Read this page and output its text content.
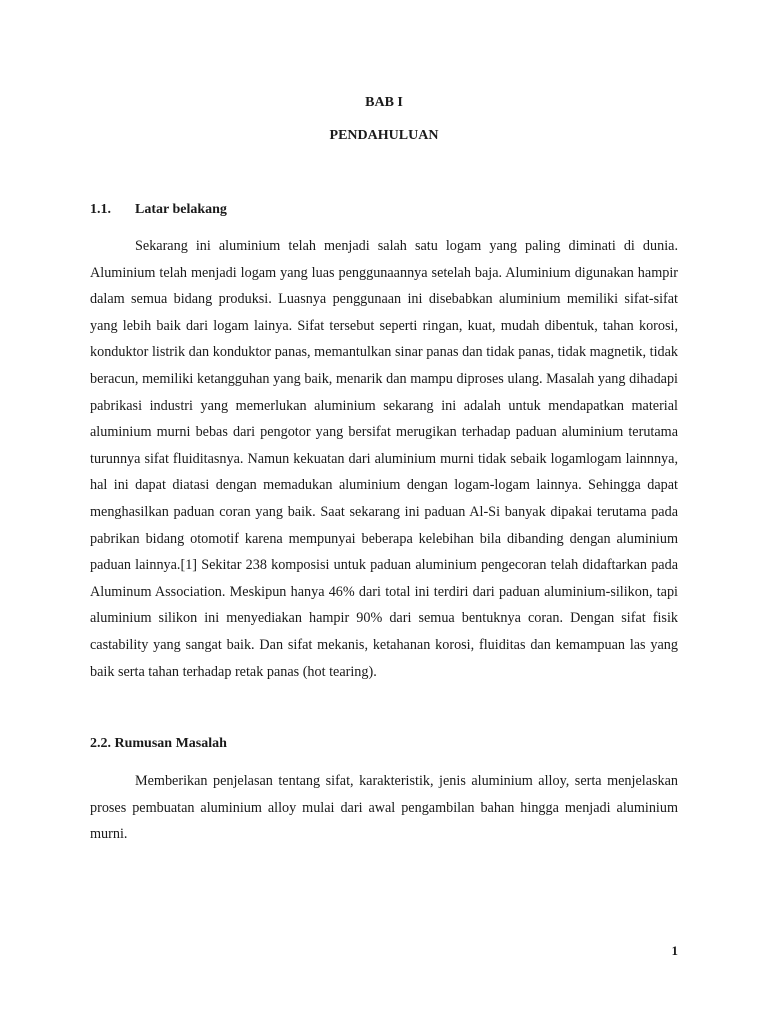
BAB I
PENDAHULUAN
1.1. Latar belakang

Sekarang ini aluminium telah menjadi salah satu logam yang paling diminati di dunia. Aluminium telah menjadi logam yang luas penggunaannya setelah baja. Aluminium digunakan hampir dalam semua bidang produksi. Luasnya penggunaan ini disebabkan aluminium memiliki sifat-sifat yang lebih baik dari logam lainya. Sifat tersebut seperti ringan, kuat, mudah dibentuk, tahan korosi, konduktor listrik dan konduktor panas, memantulkan sinar panas dan tidak panas, tidak magnetik, tidak beracun, memiliki ketangguhan yang baik, menarik dan mampu diproses ulang. Masalah yang dihadapi pabrikasi industri yang memerlukan aluminium sekarang ini adalah untuk mendapatkan material aluminium murni bebas dari pengotor yang bersifat merugikan terhadap paduan aluminium terutama turunnya sifat fluiditasnya. Namun kekuatan dari aluminium murni tidak sebaik logamlogam lainnnya, hal ini dapat diatasi dengan memadukan aluminium dengan logam-logam lainnya. Sehingga dapat menghasilkan paduan coran yang baik. Saat sekarang ini paduan Al-Si banyak dipakai terutama pada pabrikan bidang otomotif karena mempunyai beberapa kelebihan bila dibanding dengan aluminium paduan lainnya.[1] Sekitar 238 komposisi untuk paduan aluminium pengecoran telah didaftarkan pada Aluminum Association. Meskipun hanya 46% dari total ini terdiri dari paduan aluminium-silikon, tapi aluminium silikon ini menyediakan hampir 90% dari semua bentuknya coran. Dengan sifat fisik castability yang sangat baik. Dan sifat mekanis, ketahanan korosi, fluiditas dan kemampuan las yang baik serta tahan terhadap retak panas (hot tearing).

2.2. Rumusan Masalah

Memberikan penjelasan tentang sifat, karakteristik, jenis aluminium alloy, serta menjelaskan proses pembuatan aluminium alloy mulai dari awal pengambilan bahan hingga menjadi aluminium murni.

1
